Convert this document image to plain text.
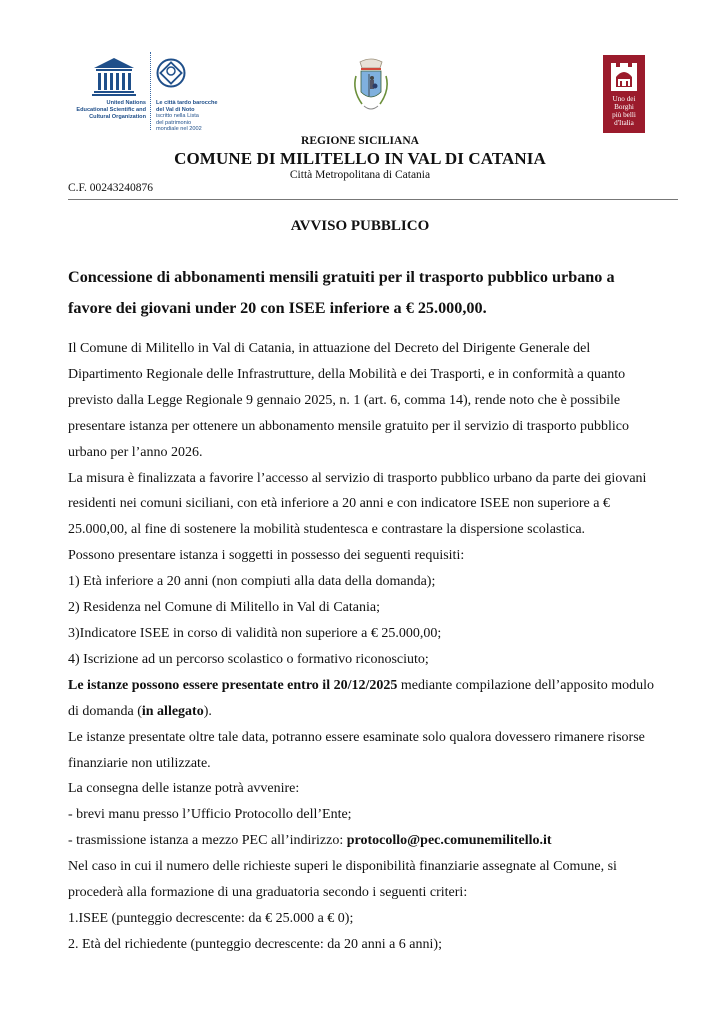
United Nations
Educational Scientific and
Cultural Organization
Le città tardo barocche
del Val di Noto
iscritto nella Lista
del patrimonio
mondiale nel 2002
Uno dei
Borghi
più belli
d'Italia
REGIONE SICILIANA
COMUNE DI MILITELLO IN VAL DI CATANIA
Città Metropolitana di Catania
C.F. 00243240876
AVVISO PUBBLICO
Concessione di abbonamenti mensili gratuiti per il trasporto pubblico urbano a
favore dei giovani under 20 con ISEE inferiore a € 25.000,00.

Il Comune di Militello in Val di Catania, in attuazione del Decreto del Dirigente Generale del

Dipartimento Regionale delle Infrastrutture, della Mobilità e dei Trasporti, e in conformità a quanto

previsto dalla Legge Regionale 9 gennaio 2025, n. 1 (art. 6, comma 14), rende noto che è possibile

presentare istanza per ottenere un abbonamento mensile gratuito per il servizio di trasporto pubblico

urbano per l’anno 2026.

La misura è finalizzata a favorire l’accesso al servizio di trasporto pubblico urbano da parte dei giovani

residenti nei comuni siciliani, con età inferiore a 20 anni e con indicatore ISEE non superiore a €

25.000,00, al fine di sostenere la mobilità studentesca e contrastare la dispersione scolastica.

Possono presentare istanza i soggetti in possesso dei seguenti requisiti:

1) Età inferiore a 20 anni (non compiuti alla data della domanda);

2) Residenza nel Comune di Militello in Val di Catania;

3)Indicatore ISEE in corso di validità non superiore a € 25.000,00;

4) Iscrizione ad un percorso scolastico o formativo riconosciuto;

Le istanze possono essere presentate entro il 20/12/2025 mediante compilazione dell’apposito modulo

di domanda (in allegato).

Le istanze presentate oltre tale data, potranno essere esaminate solo qualora dovessero rimanere risorse

finanziarie non utilizzate.

La consegna delle istanze potrà avvenire:

- brevi manu presso l’Ufficio Protocollo dell’Ente;

- trasmissione istanza a mezzo PEC all’indirizzo: protocollo@pec.comunemilitello.it

Nel caso in cui il numero delle richieste superi le disponibilità finanziarie assegnate al Comune, si

procederà alla formazione di una graduatoria secondo i seguenti criteri:

1.ISEE (punteggio decrescente: da € 25.000 a € 0);

2. Età del richiedente (punteggio decrescente: da 20 anni a 6 anni);
